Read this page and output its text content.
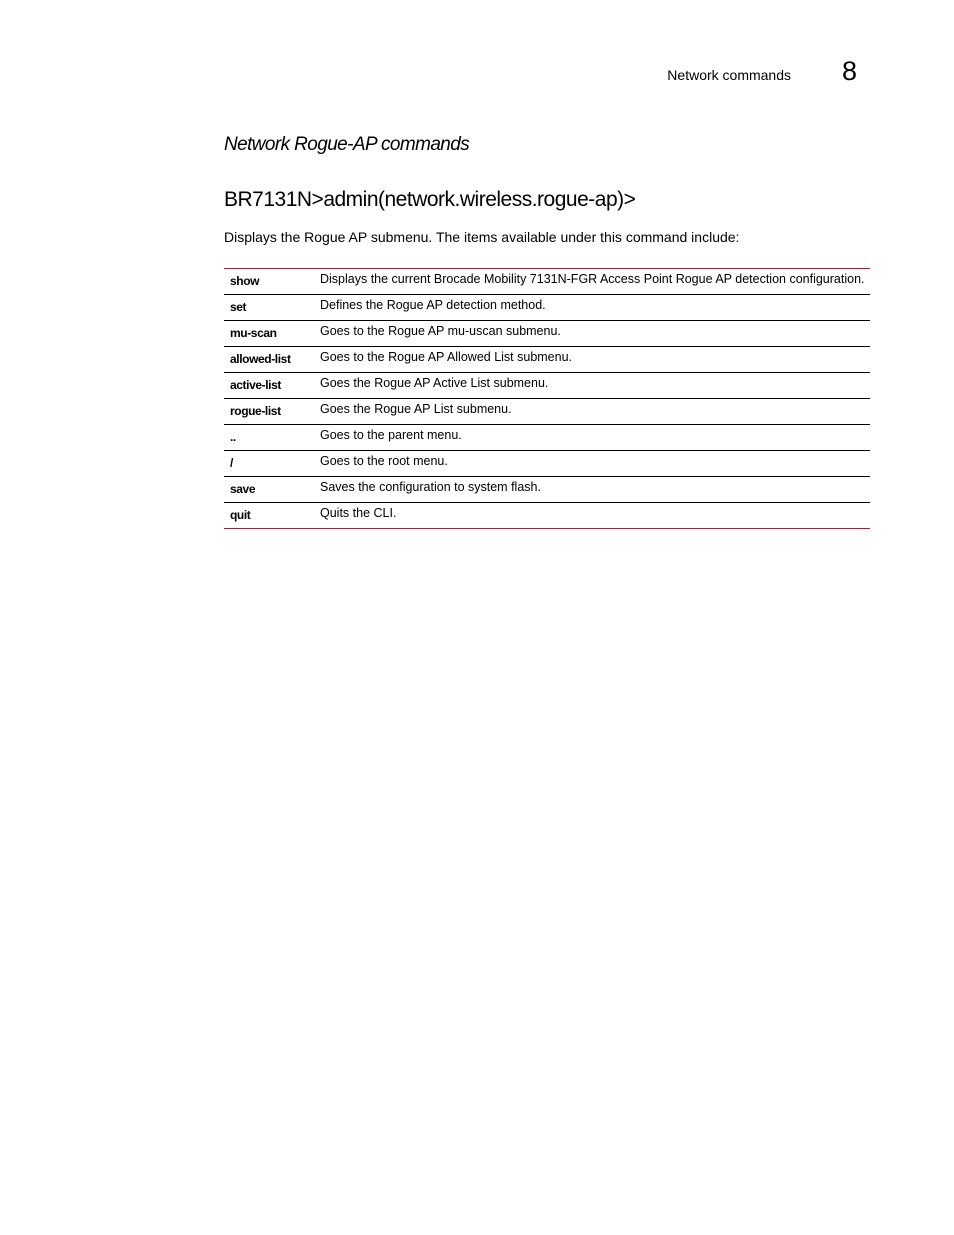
Network commands 8
Network Rogue-AP commands
BR7131N>admin(network.wireless.rogue-ap)>
Displays the Rogue AP submenu. The items available under this command include:
show	Displays the current Brocade Mobility 7131N-FGR Access Point Rogue AP detection configuration.
set	Defines the Rogue AP detection method.
mu-scan	Goes to the Rogue AP mu-uscan submenu.
allowed-list	Goes to the Rogue AP Allowed List submenu.
active-list	Goes the Rogue AP Active List submenu.
rogue-list	Goes the Rogue AP List submenu.
..	Goes to the parent menu.
/	Goes to the root menu.
save	Saves the configuration to system flash.
quit	Quits the CLI.
